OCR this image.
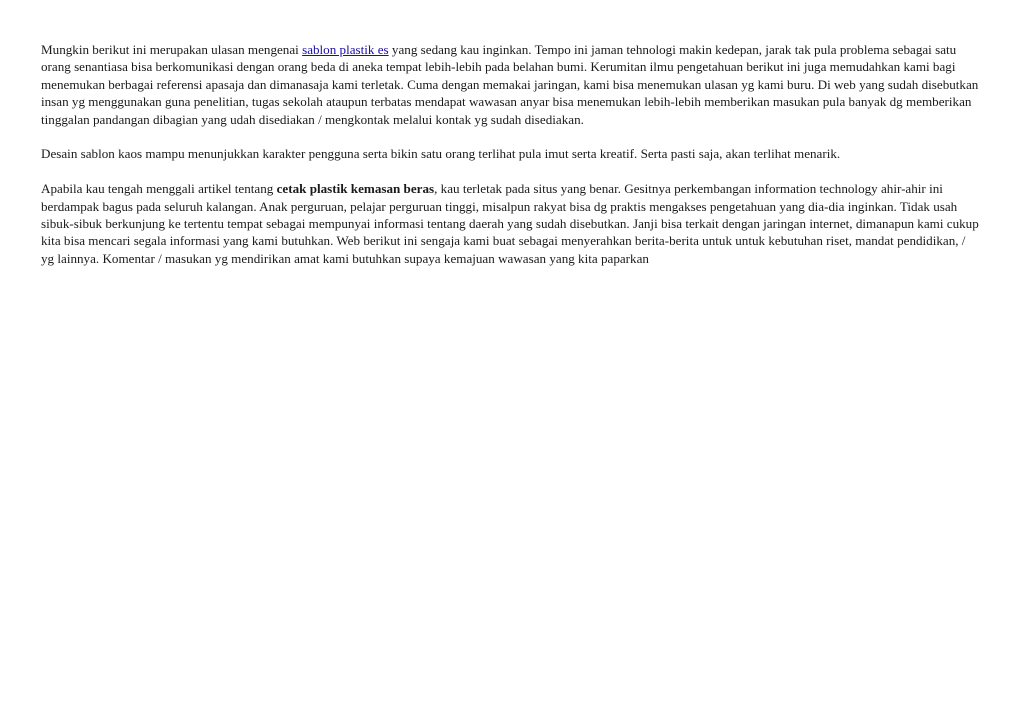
Mungkin berikut ini merupakan ulasan mengenai sablon plastik es yang sedang kau inginkan. Tempo ini jaman tehnologi makin kedepan, jarak tak pula problema sebagai satu orang senantiasa bisa berkomunikasi dengan orang beda di aneka tempat lebih-lebih pada belahan bumi. Kerumitan ilmu pengetahuan berikut ini juga memudahkan kami bagi menemukan berbagai referensi apasaja dan dimanasaja kami terletak. Cuma dengan memakai jaringan, kami bisa menemukan ulasan yg kami buru. Di web yang sudah disebutkan insan yg menggunakan guna penelitian, tugas sekolah ataupun terbatas mendapat wawasan anyar bisa menemukan lebih-lebih memberikan masukan pula banyak dg memberikan tinggalan pandangan dibagian yang udah disediakan / mengkontak melalui kontak yg sudah disediakan.

Desain sablon kaos mampu menunjukkan karakter pengguna serta bikin satu orang terlihat pula imut serta kreatif. Serta pasti saja, akan terlihat menarik.

Apabila kau tengah menggali artikel tentang cetak plastik kemasan beras, kau terletak pada situs yang benar. Gesitnya perkembangan information technology ahir-ahir ini berdampak bagus pada seluruh kalangan. Anak perguruan, pelajar perguruan tinggi, misalpun rakyat bisa dg praktis mengakses pengetahuan yang dia-dia inginkan. Tidak usah sibuk-sibuk berkunjung ke tertentu tempat sebagai mempunyai informasi tentang daerah yang sudah disebutkan. Janji bisa terkait dengan jaringan internet, dimanapun kami cukup kita bisa mencari segala informasi yang kami butuhkan. Web berikut ini sengaja kami buat sebagai menyerahkan berita-berita untuk untuk kebutuhan riset, mandat pendidikan, / yg lainnya. Komentar / masukan yg mendirikan amat kami butuhkan supaya kemajuan wawasan yang kita paparkan
